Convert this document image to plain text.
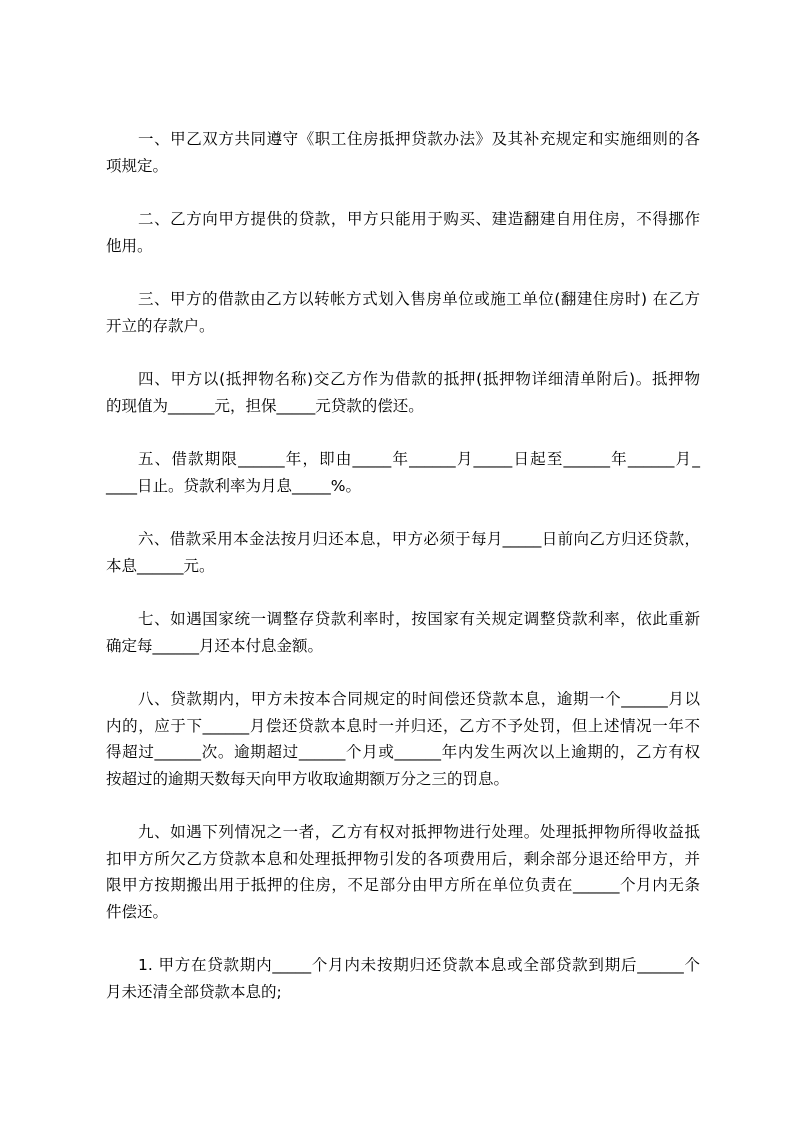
一、甲乙双方共同遵守《职工住房抵押贷款办法》及其补充规定和实施细则的各
项规定。
二、乙方向甲方提供的贷款，甲方只能用于购买、建造翻建自用住房，不得挪作
他用。
三、甲方的借款由乙方以转帐方式划入售房单位或施工单位(翻建住房时) 在乙方
开立的存款户。
四、甲方以(抵押物名称)交乙方作为借款的抵押(抵押物详细清单附后)。抵押物
的现值为______元，担保_____元贷款的偿还。
五、借款期限______年，即由_____年______月_____日起至______年______月_
____日止。贷款利率为月息_____%。
六、借款采用本金法按月归还本息，甲方必须于每月_____日前向乙方归还贷款，
本息______元。
七、如遇国家统一调整存贷款利率时，按国家有关规定调整贷款利率，依此重新
确定每______月还本付息金额。
八、贷款期内，甲方未按本合同规定的时间偿还贷款本息，逾期一个______月以
内的，应于下______月偿还贷款本息时一并归还，乙方不予处罚，但上述情况一年不
得超过______次。逾期超过______个月或______年内发生两次以上逾期的，乙方有权
按超过的逾期天数每天向甲方收取逾期额万分之三的罚息。
九、如遇下列情况之一者，乙方有权对抵押物进行处理。处理抵押物所得收益抵
扣甲方所欠乙方贷款本息和处理抵押物引发的各项费用后，剩余部分退还给甲方，并
限甲方按期搬出用于抵押的住房，不足部分由甲方所在单位负责在______个月内无条
件偿还。
1. 甲方在贷款期内_____个月内未按期归还贷款本息或全部贷款到期后______个
月未还清全部贷款本息的;
